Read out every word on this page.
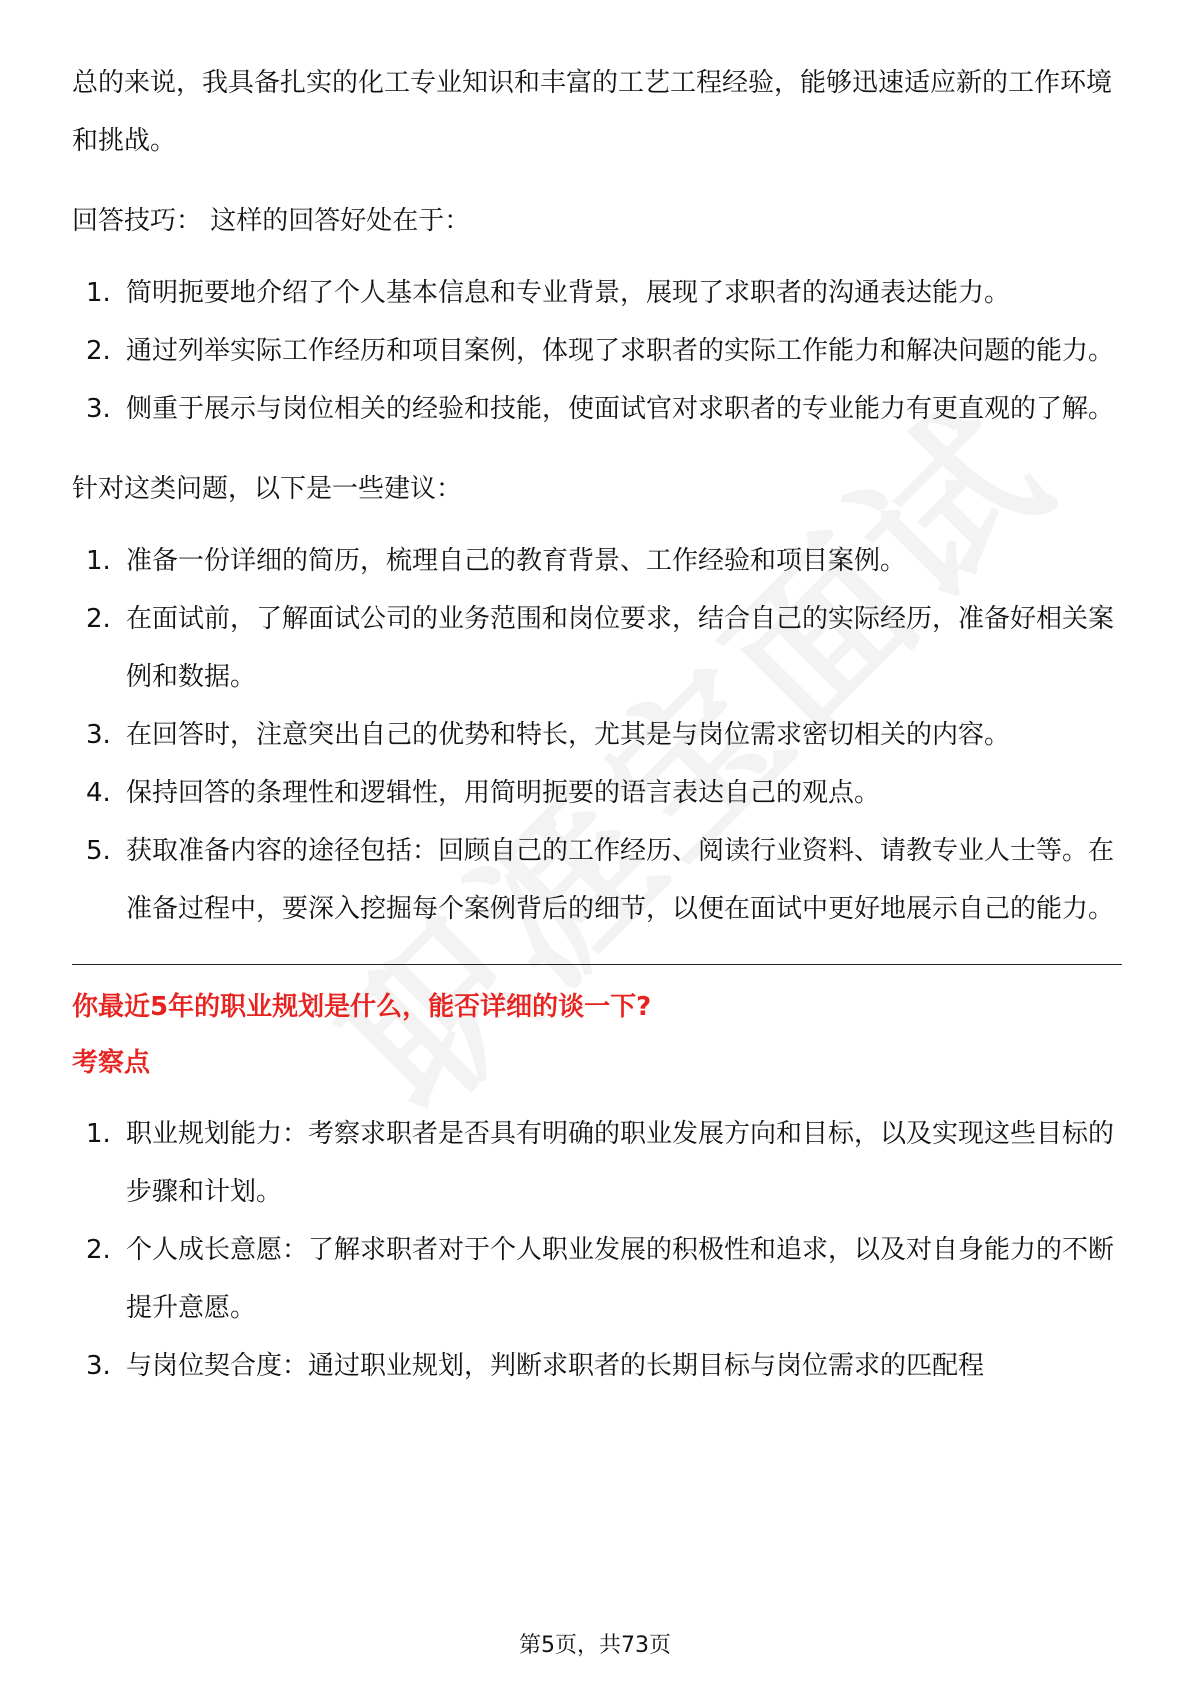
总的来说，我具备扎实的化工专业知识和丰富的工艺工程经验，能够迅速适应新的工作环境和挑战。

回答技巧： 这样的回答好处在于：

1. 简明扼要地介绍了个人基本信息和专业背景，展现了求职者的沟通表达能力。
2. 通过列举实际工作经历和项目案例，体现了求职者的实际工作能力和解决问题的能力。
3. 侧重于展示与岗位相关的经验和技能，使面试官对求职者的专业能力有更直观的了解。

针对这类问题，以下是一些建议：

1. 准备一份详细的简历，梳理自己的教育背景、工作经验和项目案例。
2. 在面试前，了解面试公司的业务范围和岗位要求，结合自己的实际经历，准备好相关案例和数据。
3. 在回答时，注意突出自己的优势和特长，尤其是与岗位需求密切相关的内容。
4. 保持回答的条理性和逻辑性，用简明扼要的语言表达自己的观点。
5. 获取准备内容的途径包括：回顾自己的工作经历、阅读行业资料、请教专业人士等。在准备过程中，要深入挖掘每个案例背后的细节，以便在面试中更好地展示自己的能力。

你最近5年的职业规划是什么，能否详细的谈一下?

考察点

1. 职业规划能力：考察求职者是否具有明确的职业发展方向和目标，以及实现这些目标的步骤和计划。
2. 个人成长意愿：了解求职者对于个人职业发展的积极性和追求，以及对自身能力的不断提升意愿。
3. 与岗位契合度：通过职业规划，判断求职者的长期目标与岗位需求的匹配程
第5页，共73页
